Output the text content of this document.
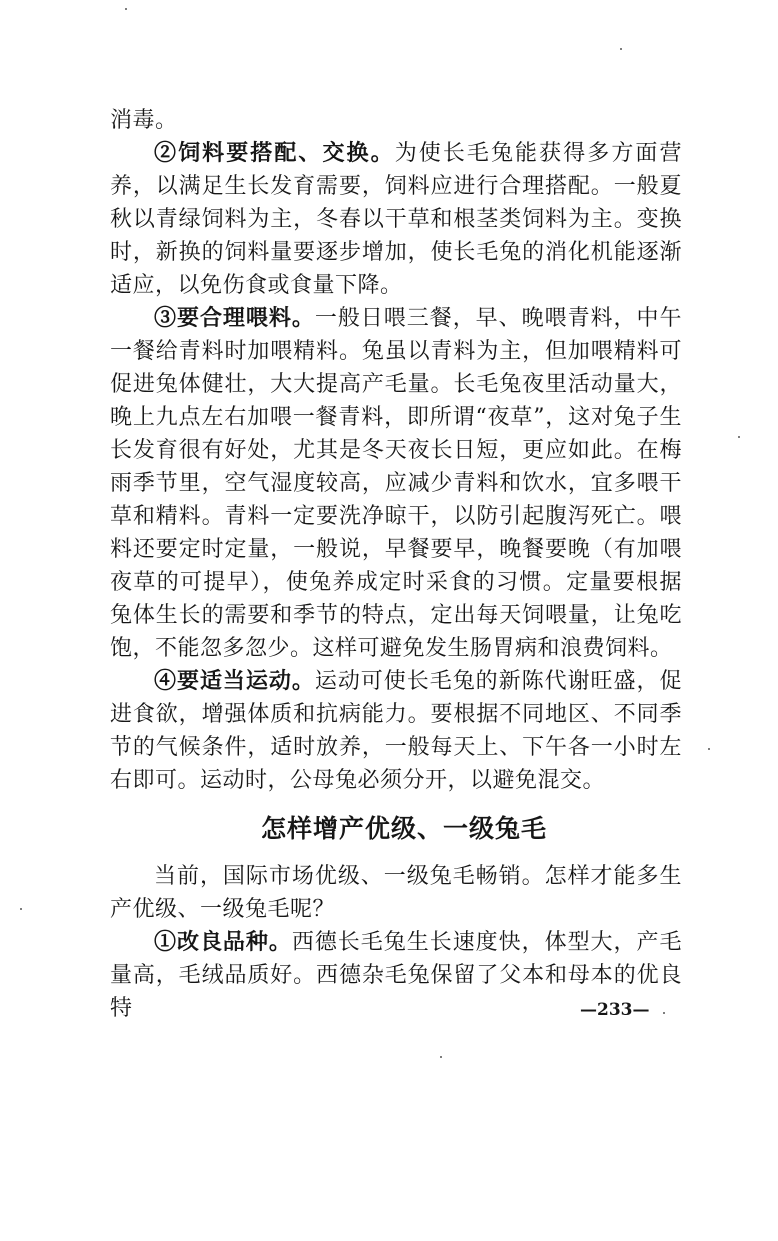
消毒。

②饲料要搭配、交换。为使长毛兔能获得多方面营养，以满足生长发育需要，饲料应进行合理搭配。一般夏秋以青绿饲料为主，冬春以干草和根茎类饲料为主。变换时，新换的饲料量要逐步增加，使长毛兔的消化机能逐渐适应，以免伤食或食量下降。

③要合理喂料。一般日喂三餐，早、晚喂青料，中午一餐给青料时加喂精料。兔虽以青料为主，但加喂精料可促进兔体健壮，大大提高产毛量。长毛兔夜里活动量大，晚上九点左右加喂一餐青料，即所谓“夜草”，这对兔子生长发育很有好处，尤其是冬天夜长日短，更应如此。在梅雨季节里，空气湿度较高，应减少青料和饮水，宜多喂干草和精料。青料一定要洗净晾干，以防引起腹泻死亡。喂料还要定时定量，一般说，早餐要早，晚餐要晚（有加喂夜草的可提早），使兔养成定时采食的习惯。定量要根据兔体生长的需要和季节的特点，定出每天饲喂量，让兔吃饱，不能忽多忽少。这样可避免发生肠胃病和浪费饲料。

④要适当运动。运动可使长毛兔的新陈代谢旺盛，促进食欲，增强体质和抗病能力。要根据不同地区、不同季节的气候条件，适时放养，一般每天上、下午各一小时左右即可。运动时，公母兔必须分开，以避免混交。

怎样增产优级、一级兔毛

当前，国际市场优级、一级兔毛畅销。怎样才能多生产优级、一级兔毛呢？

①改良品种。西德长毛兔生长速度快，体型大，产毛量高，毛绒品质好。西德杂毛兔保留了父本和母本的优良特	—233—
